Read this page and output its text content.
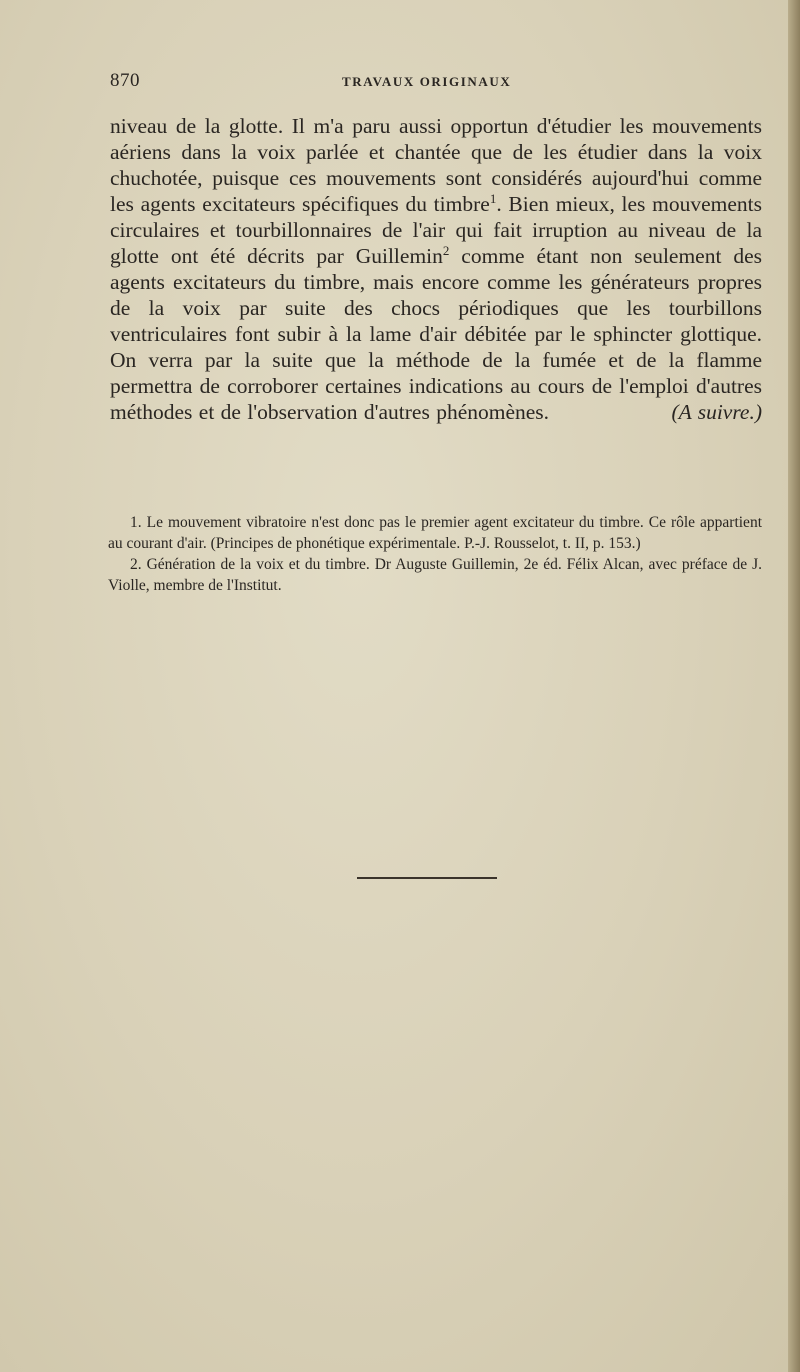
870	TRAVAUX ORIGINAUX

niveau de la glotte. Il m'a paru aussi opportun d'étudier les mouvements aériens dans la voix parlée et chantée que de les étudier dans la voix chuchotée, puisque ces mouvements sont considérés aujourd'hui comme les agents excitateurs spécifiques du timbre$^1$. Bien mieux, les mouvements circulaires et tourbillonnaires de l'air qui fait irruption au niveau de la glotte ont été décrits par Guillemin$^2$ comme étant non seulement des agents excitateurs du timbre, mais encore comme les générateurs propres de la voix par suite des chocs périodiques que les tourbillons ventriculaires font subir à la lame d'air débitée par le sphincter glottique. On verra par la suite que la méthode de la fumée et de la flamme permettra de corroborer certaines indications au cours de l'emploi d'autres méthodes et de l'observation d'autres phénomènes.	(A suivre.)

1. Le mouvement vibratoire n'est donc pas le premier agent excitateur du timbre. Ce rôle appartient au courant d'air. (Principes de phonétique expérimentale. P.-J. Rousselot, t. II, p. 153.)

2. Génération de la voix et du timbre. Dr Auguste Guillemin, 2e éd. Félix Alcan, avec préface de J. Violle, membre de l'Institut.
